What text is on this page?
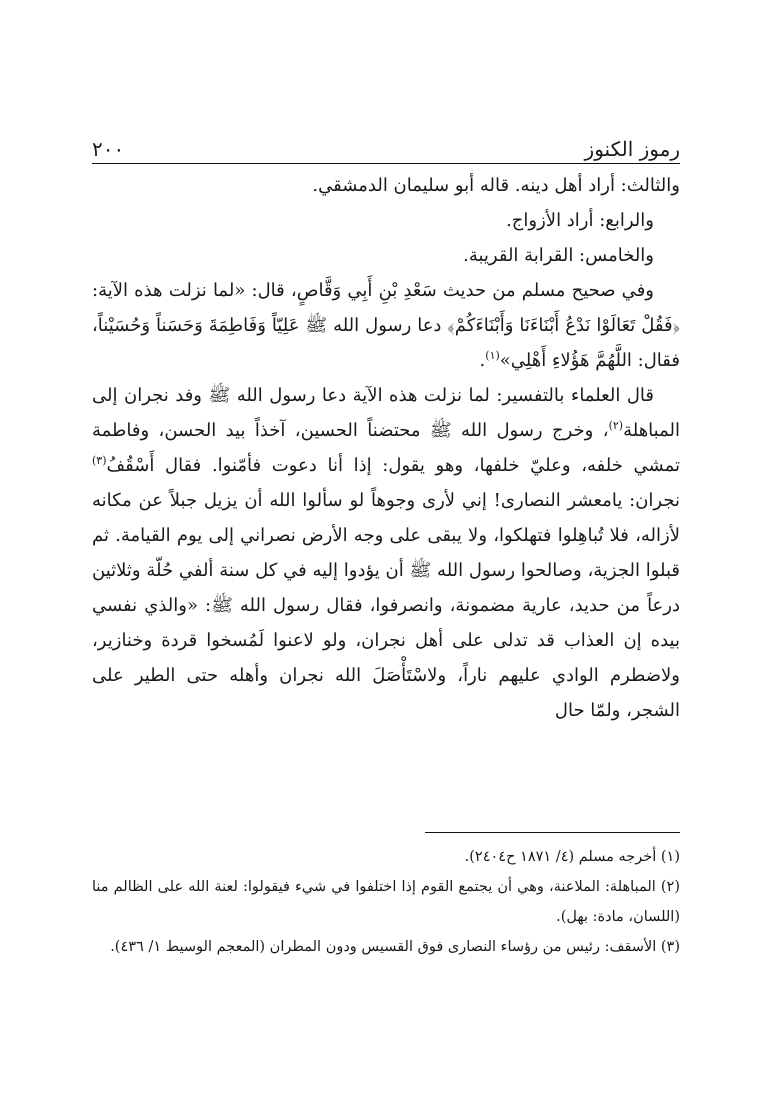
رموز الكنوز
٢٠٠

والثالث: أراد أهل دينه. قاله أبو سليمان الدمشقي.

والرابع: أراد الأزواج.

والخامس: القرابة القريبة.

وفي صحيح مسلم من حديث سَعْدِ بْنِ أَبِي وَقَّاصٍ، قال: «لما نزلت هذه الآية: ﴿فَقُلْ تَعَالَوْا نَدْعُ أَبْنَاءَنَا وَأَبْنَاءَكُمْ﴾ دعا رسول الله ﷺ عَلِيّاً وَفَاطِمَةَ وَحَسَناً وَحُسَيْناً، فقال: اللَّهُمَّ هَؤُلاءِ أَهْلِي»$^{(١)}$.

قال العلماء بالتفسير: لما نزلت هذه الآية دعا رسول الله ﷺ وفد نجران إلى المباهلة$^{(٢)}$، وخرج رسول الله ﷺ محتضناً الحسين، آخذاً بيد الحسن، وفاطمة تمشي خلفه، وعليّ خلفها، وهو يقول: إذا أنا دعوت فأمّنوا. فقال أَسْقُفُ$^{(٣)}$ نجران: يامعشر النصارى! إني لأرى وجوهاً لو سألوا الله أن يزيل جبلاً عن مكانه لأزاله، فلا تُباهِلوا فتهلكوا، ولا يبقى على وجه الأرض نصراني إلى يوم القيامة. ثم قبلوا الجزية، وصالحوا رسول الله ﷺ أن يؤدوا إليه في كل سنة ألفي حُلّة وثلاثين درعاً من حديد، عارية مضمونة، وانصرفوا، فقال رسول الله ﷺ: «والذي نفسي بيده إن العذاب قد تدلى على أهل نجران، ولو لاعنوا لَمُسخوا قردة وخنازير، ولاضطرم الوادي عليهم ناراً، ولاسْتَأْصَلَ الله نجران وأهله حتى الطير على الشجر، ولمّا حال

(١) أخرجه مسلم (٤/ ١٨٧١ ح٢٤٠٤).

(٢) المباهلة: الملاعنة، وهي أن يجتمع القوم إذا اختلفوا في شيء فيقولوا: لعنة الله على الظالم منا (اللسان، مادة: بهل).

(٣) الأسقف: رئيس من رؤساء النصارى فوق القسيس ودون المطران (المعجم الوسيط ١/ ٤٣٦).
